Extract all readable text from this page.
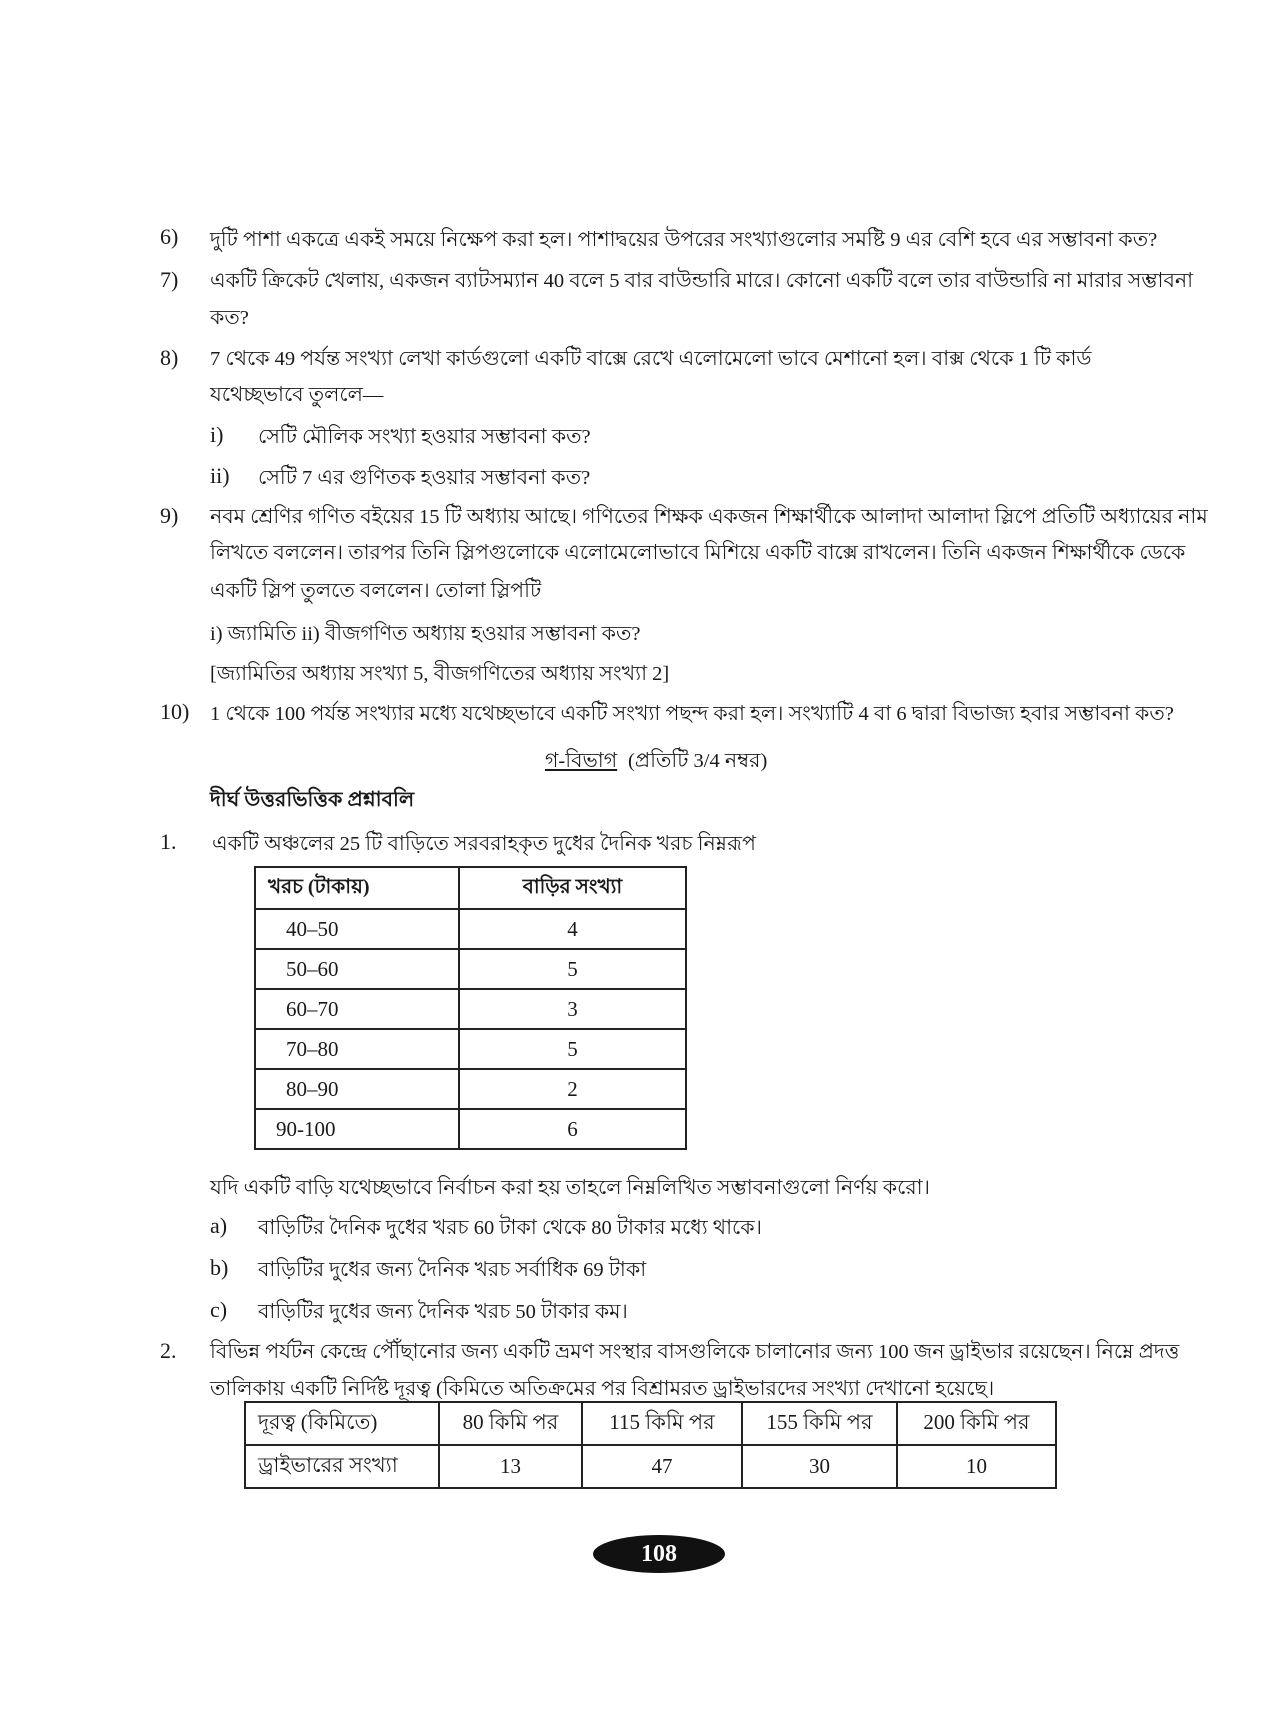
6) দুটি পাশা একত্রে একই সময়ে নিক্ষেপ করা হল। পাশাদ্বয়ের উপরের সংখ্যাগুলোর সমষ্টি 9 এর বেশি হবে এর সম্ভাবনা কত?
7) একটি ক্রিকেট খেলায়, একজন ব্যাটসম্যান 40 বলে 5 বার বাউন্ডারি মারে। কোনো একটি বলে তার বাউন্ডারি না মারার সম্ভাবনা
কত?
8) 7 থেকে 49 পর্যন্ত সংখ্যা লেখা কার্ডগুলো একটি বাক্সে রেখে এলোমেলো ভাবে মেশানো হল। বাক্স থেকে 1 টি কার্ড
যথেচ্ছভাবে তুললে—
i) সেটি মৌলিক সংখ্যা হওয়ার সম্ভাবনা কত?
ii) সেটি 7 এর গুণিতক হওয়ার সম্ভাবনা কত?
9) নবম শ্রেণির গণিত বইয়ের 15 টি অধ্যায় আছে। গণিতের শিক্ষক একজন শিক্ষার্থীকে আলাদা আলাদা স্লিপে প্রতিটি অধ্যায়ের নাম
লিখতে বললেন। তারপর তিনি স্লিপগুলোকে এলোমেলোভাবে মিশিয়ে একটি বাক্সে রাখলেন। তিনি একজন শিক্ষার্থীকে ডেকে
একটি স্লিপ তুলতে বললেন। তোলা স্লিপটি
i) জ্যামিতি ii) বীজগণিত অধ্যায় হওয়ার সম্ভাবনা কত?
[জ্যামিতির অধ্যায় সংখ্যা 5, বীজগণিতের অধ্যায় সংখ্যা 2]
10) 1 থেকে 100 পর্যন্ত সংখ্যার মধ্যে যথেচ্ছভাবে একটি সংখ্যা পছন্দ করা হল। সংখ্যাটি 4 বা 6 দ্বারা বিভাজ্য হবার সম্ভাবনা কত?
গ-বিভাগ (প্রতিটি 3/4 নম্বর)
দীর্ঘ উত্তরভিত্তিক প্রশ্নাবলি
1. একটি অঞ্চলের 25 টি বাড়িতে সরবরাহকৃত দুধের দৈনিক খরচ নিম্নরূপ
খরচ (টাকায়)	বাড়ির সংখ্যা
40–50	4
50–60	5
60–70	3
70–80	5
80–90	2
90-100	6
যদি একটি বাড়ি যথেচ্ছভাবে নির্বাচন করা হয় তাহলে নিম্নলিখিত সম্ভাবনাগুলো নির্ণয় করো।
a) বাড়িটির দৈনিক দুধের খরচ 60 টাকা থেকে 80 টাকার মধ্যে থাকে।
b) বাড়িটির দুধের জন্য দৈনিক খরচ সর্বাধিক 69 টাকা
c) বাড়িটির দুধের জন্য দৈনিক খরচ 50 টাকার কম।
2. বিভিন্ন পর্যটন কেন্দ্রে পৌঁছানোর জন্য একটি ভ্রমণ সংস্থার বাসগুলিকে চালানোর জন্য 100 জন ড্রাইভার রয়েছেন। নিম্নে প্রদত্ত
তালিকায় একটি নির্দিষ্ট দূরত্ব (কিমিতে অতিক্রমের পর বিশ্রামরত ড্রাইভারদের সংখ্যা দেখানো হয়েছে।
দূরত্ব (কিমিতে)	80 কিমি পর	115 কিমি পর	155 কিমি পর	200 কিমি পর
ড্রাইভারের সংখ্যা	13	47	30	10
108
